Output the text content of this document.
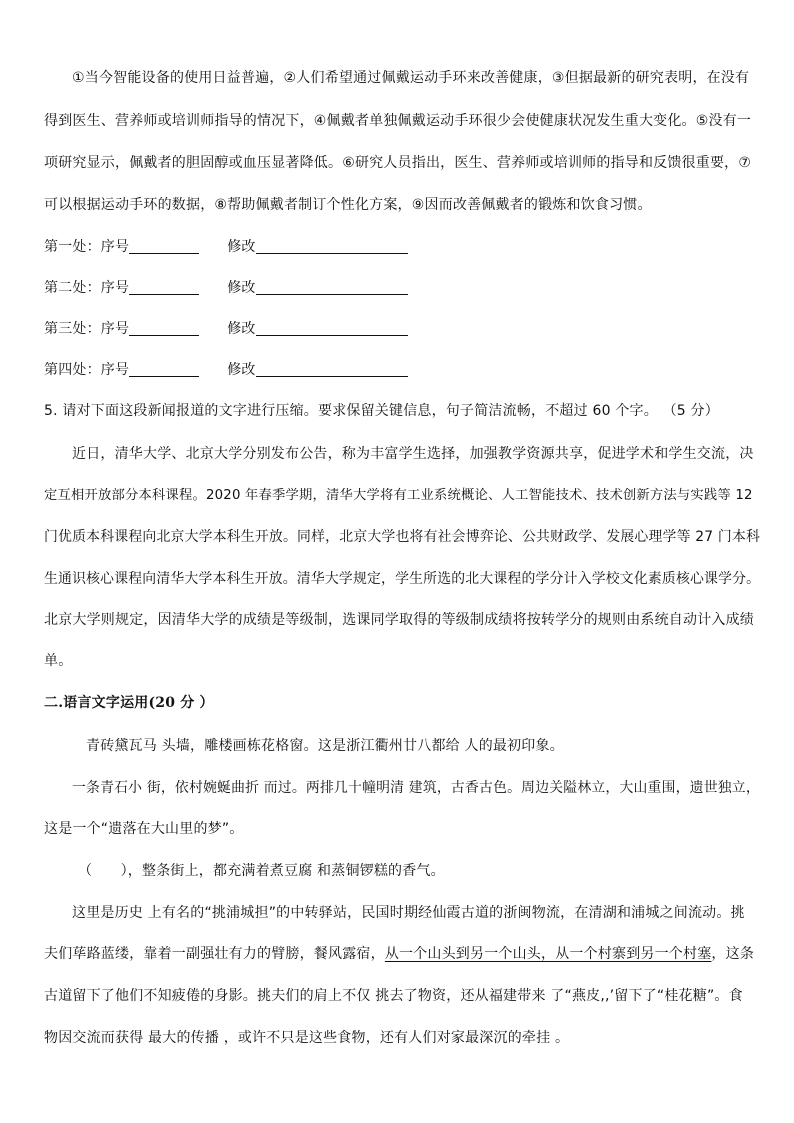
①当今智能设备的使用日益普遍，②人们希望通过佩戴运动手环来改善健康，③但据最新的研究表明，在没有
得到医生、营养师或培训师指导的情况下，④佩戴者单独佩戴运动手环很少会使健康状况发生重大变化。⑤没有一
项研究显示，佩戴者的胆固醇或血压显著降低。⑥研究人员指出，医生、营养师或培训师的指导和反馈很重要，⑦
可以根据运动手环的数据，⑧帮助佩戴者制订个性化方案，⑨因而改善佩戴者的锻炼和饮食习惯。
第一处：序号	修改
第二处：序号	修改
第三处：序号	修改
第四处：序号	修改
5. 请对下面这段新闻报道的文字进行压缩。要求保留关键信息，句子简洁流畅，不超过 60 个字。 （5 分）
近日，清华大学、北京大学分别发布公告，称为丰富学生选择，加强教学资源共享，促进学术和学生交流，决
定互相开放部分本科课程。2020 年春季学期，清华大学将有工业系统概论、人工智能技术、技术创新方法与实践等 12
门优质本科课程向北京大学本科生开放。同样，北京大学也将有社会博弈论、公共财政学、发展心理学等 27 门本科
生通识核心课程向清华大学本科生开放。清华大学规定，学生所选的北大课程的学分计入学校文化素质核心课学分。
北京大学则规定，因清华大学的成绩是等级制，选课同学取得的等级制成绩将按转学分的规则由系统自动计入成绩
单。
二.语言文字运用(20 分 ）
青砖黛瓦马 头墙，雕楼画栋花格窗。这是浙江衢州廿八都给 人的最初印象。
一条青石小 街，依村婉蜒曲折 而过。两排几十幢明清 建筑，古香古色。周边关隘林立，大山重围，遗世独立，
这是一个“遗落在大山里的梦”。
（　　），整条街上，都充满着煮豆腐 和蒸铜锣糕的香气。
这里是历史 上有名的“挑浦城担”的中转驿站，民国时期经仙霞古道的浙闽物流，在清湖和浦城之间流动。挑
夫们荜路蓝缕，靠着一副强壮有力的臂膀，餐风露宿，从一个山头到另一个山头，从一个村寨到另一个村塞，这条
古道留下了他们不知疲倦的身影。挑夫们的肩上不仅 挑去了物资，还从福建带来 了“燕皮,,’留下了“桂花糖”。食
物因交流而获得 最大的传播 ，或许不只是这些食物，还有人们对家最深沉的牵挂 。
